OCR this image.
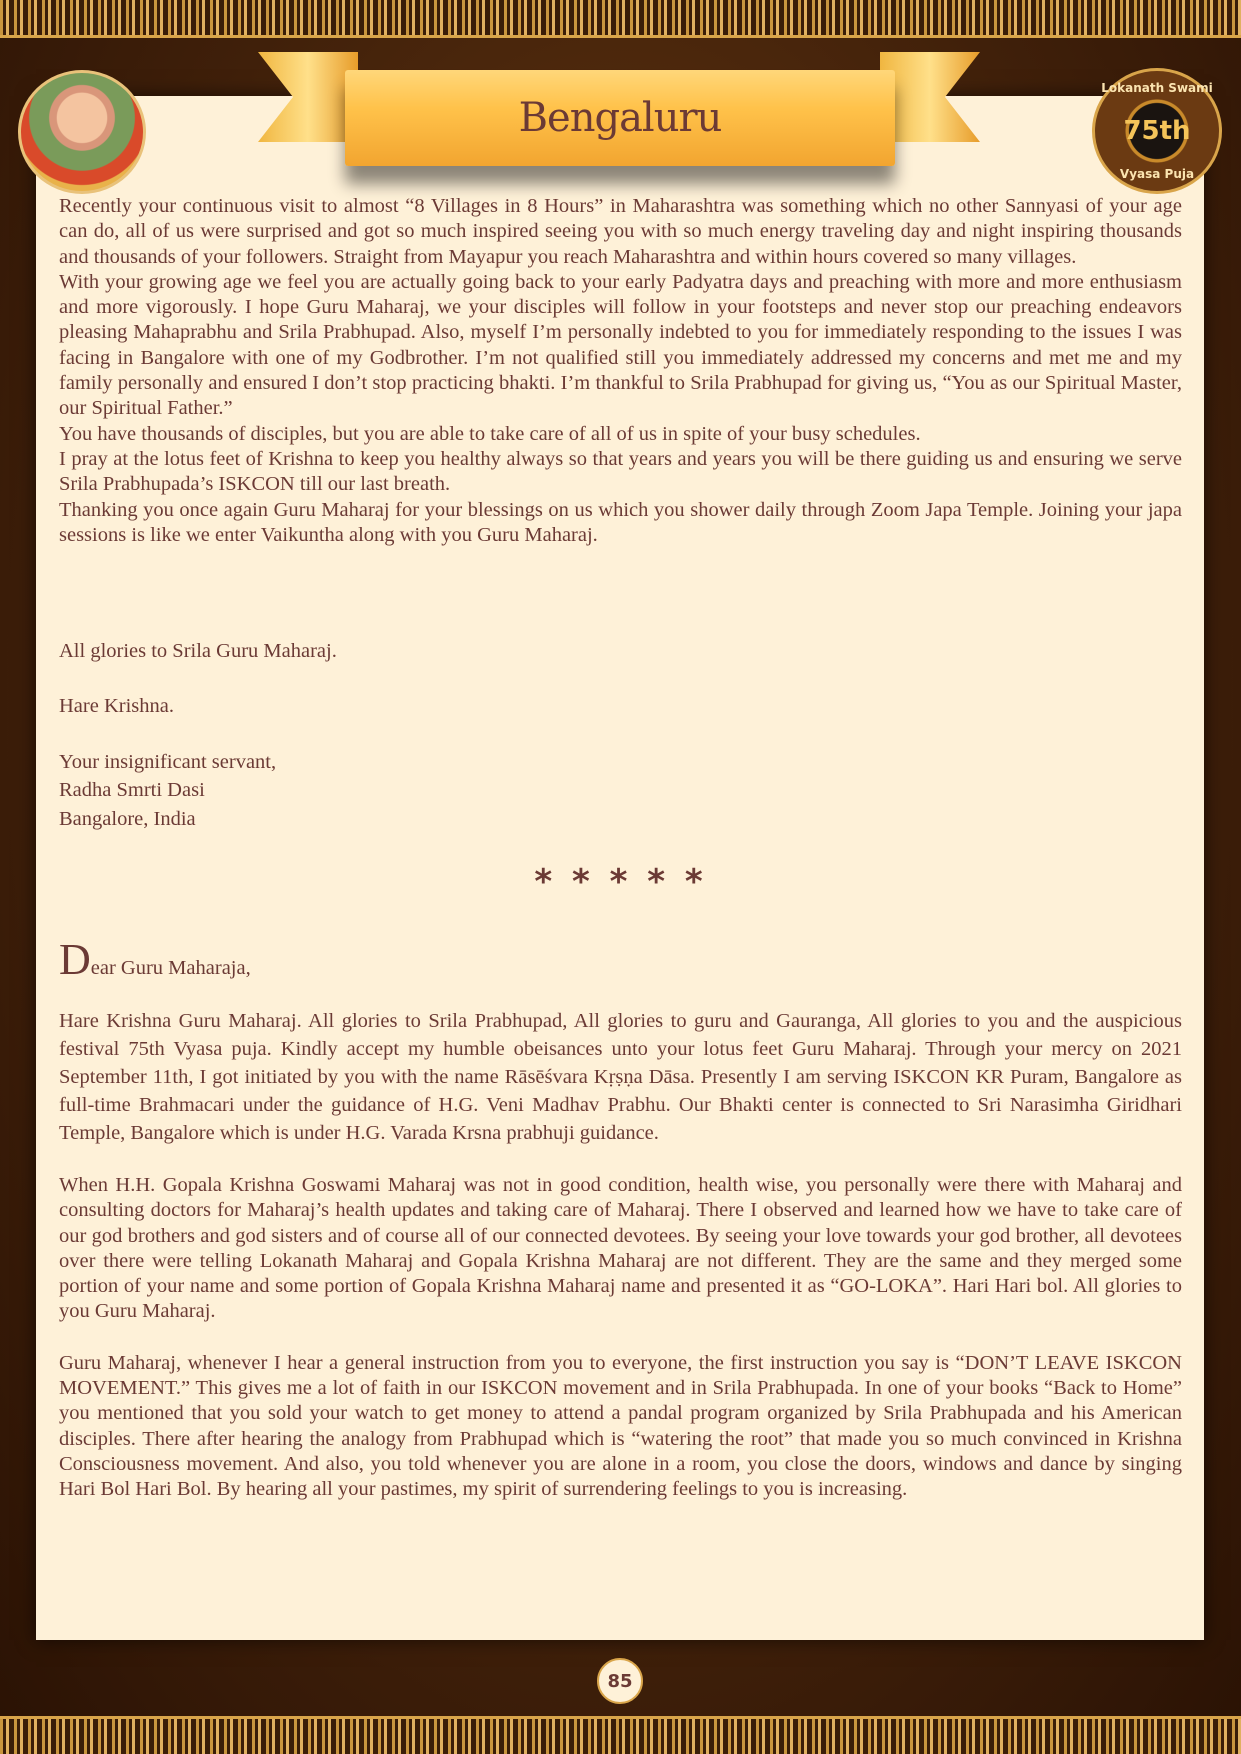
Bengaluru
Lokanath Swami
75th
Vyasa Puja

Recently your continuous visit to almost “8 Villages in 8 Hours” in Maharashtra was something which no other Sannyasi of your age can do, all of us were surprised and got so much inspired seeing you with so much energy traveling day and night inspiring thousands and thousands of your followers. Straight from Mayapur you reach Maharashtra and within hours covered so many villages.

With your growing age we feel you are actually going back to your early Padyatra days and preaching with more and more enthusiasm and more vigorously. I hope Guru Maharaj, we your disciples will follow in your footsteps and never stop our preaching endeavors pleasing Mahaprabhu and Srila Prabhupad. Also, myself I’m personally indebted to you for immediately responding to the issues I was facing in Bangalore with one of my Godbrother. I’m not qualified still you immediately addressed my concerns and met me and my family personally and ensured I don’t stop practicing bhakti. I’m thankful to Srila Prabhupad for giving us, “You as our Spiritual Master, our Spiritual Father.”

You have thousands of disciples, but you are able to take care of all of us in spite of your busy schedules.

I pray at the lotus feet of Krishna to keep you healthy always so that years and years you will be there guiding us and ensuring we serve Srila Prabhupada’s ISKCON till our last breath.

Thanking you once again Guru Maharaj for your blessings on us which you shower daily through Zoom Japa Temple. Joining your japa sessions is like we enter Vaikuntha along with you Guru Maharaj.

All glories to Srila Guru Maharaj.
Hare Krishna.

Your insignificant servant,

Radha Smrti Dasi

Bangalore, India

* * * * *
Dear Guru Maharaja,

Hare Krishna Guru Maharaj. All glories to Srila Prabhupad, All glories to guru and Gauranga, All glories to you and the auspicious festival 75th Vyasa puja. Kindly accept my humble obeisances unto your lotus feet Guru Maharaj. Through your mercy on 2021 September 11th, I got initiated by you with the name Rāsēśvara Kṛṣṇa Dāsa. Presently I am serving ISKCON KR Puram, Bangalore as full-time Brahmacari under the guidance of H.G. Veni Madhav Prabhu. Our Bhakti center is connected to Sri Narasimha Giridhari Temple, Bangalore which is under H.G. Varada Krsna prabhuji guidance.

When H.H. Gopala Krishna Goswami Maharaj was not in good condition, health wise, you personally were there with Maharaj and consulting doctors for Maharaj’s health updates and taking care of Maharaj. There I observed and learned how we have to take care of our god brothers and god sisters and of course all of our connected devotees. By seeing your love towards your god brother, all devotees over there were telling Lokanath Maharaj and Gopala Krishna Maharaj are not different. They are the same and they merged some portion of your name and some portion of Gopala Krishna Maharaj name and presented it as “GO-LOKA”. Hari Hari bol. All glories to you Guru Maharaj.

Guru Maharaj, whenever I hear a general instruction from you to everyone, the first instruction you say is “DON’T LEAVE ISKCON MOVEMENT.” This gives me a lot of faith in our ISKCON movement and in Srila Prabhupada. In one of your books “Back to Home” you mentioned that you sold your watch to get money to attend a pandal program organized by Srila Prabhupada and his American disciples. There after hearing the analogy from Prabhupad which is “watering the root” that made you so much convinced in Krishna Consciousness movement. And also, you told whenever you are alone in a room, you close the doors, windows and dance by singing Hari Bol Hari Bol. By hearing all your pastimes, my spirit of surrendering feelings to you is increasing.

85
